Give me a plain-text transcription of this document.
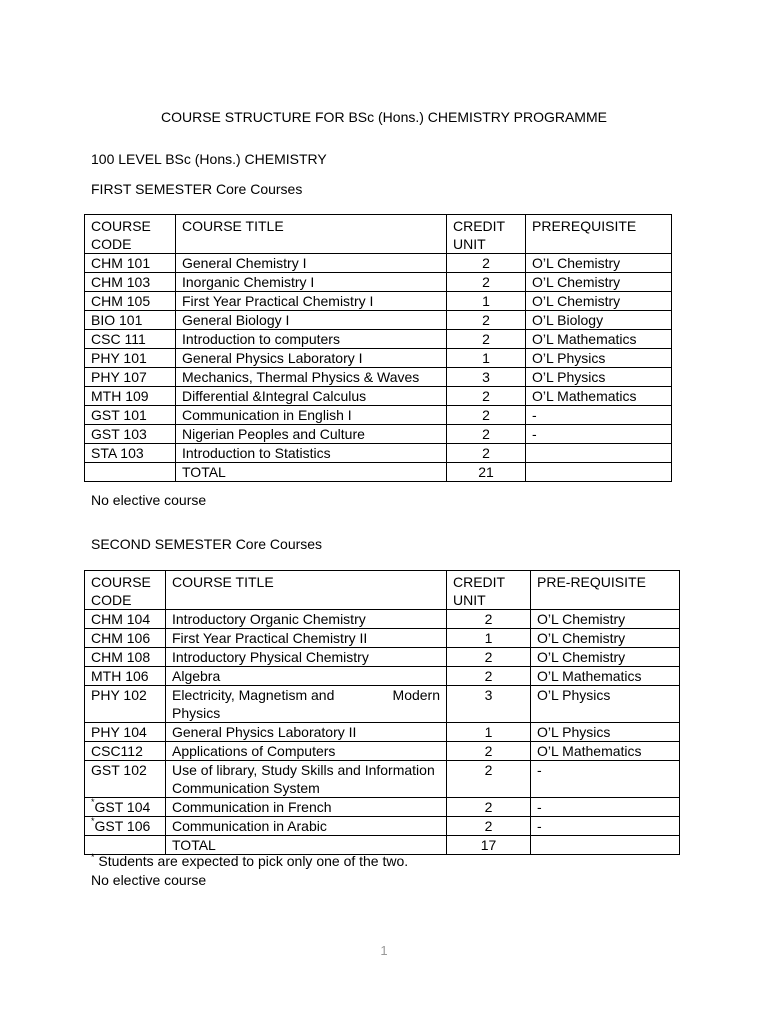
COURSE STRUCTURE FOR BSc (Hons.) CHEMISTRY PROGRAMME
100 LEVEL BSc (Hons.) CHEMISTRY
FIRST SEMESTER Core Courses
COURSE CODE	COURSE TITLE	CREDIT UNIT	PREREQUISITE
CHM 101	General Chemistry I	2	O’L Chemistry
CHM 103	Inorganic Chemistry I	2	O’L Chemistry
CHM 105	First Year Practical Chemistry I	1	O’L Chemistry
BIO 101	General Biology I	2	O’L Biology
CSC 111	Introduction to computers	2	O’L Mathematics
PHY 101	General Physics Laboratory I	1	O’L Physics
PHY 107	Mechanics, Thermal Physics & Waves	3	O’L Physics
MTH 109	Differential &Integral Calculus	2	O’L Mathematics
GST 101	Communication in English I	2	-
GST 103	Nigerian Peoples and Culture	2	-
STA 103	Introduction to Statistics	2	
	TOTAL	21	
No elective course
SECOND SEMESTER Core Courses
COURSE CODE	COURSE TITLE	CREDIT UNIT	PRE-REQUISITE
CHM 104	Introductory Organic Chemistry	2	O’L Chemistry
CHM 106	First Year Practical Chemistry II	1	O’L Chemistry
CHM 108	Introductory Physical Chemistry	2	O’L Chemistry
MTH 106	Algebra	2	O’L Mathematics
PHY 102	Electricity, Magnetism and Modern
Physics	3	O’L Physics
PHY 104	General Physics Laboratory II	1	O’L Physics
CSC112	Applications of Computers	2	O’L Mathematics
GST 102	Use of library, Study Skills and Information Communication System	2	-
*GST 104	Communication in French	2	-
*GST 106	Communication in Arabic	2	-
	TOTAL	17	
* Students are expected to pick only one of the two.
No elective course
1
